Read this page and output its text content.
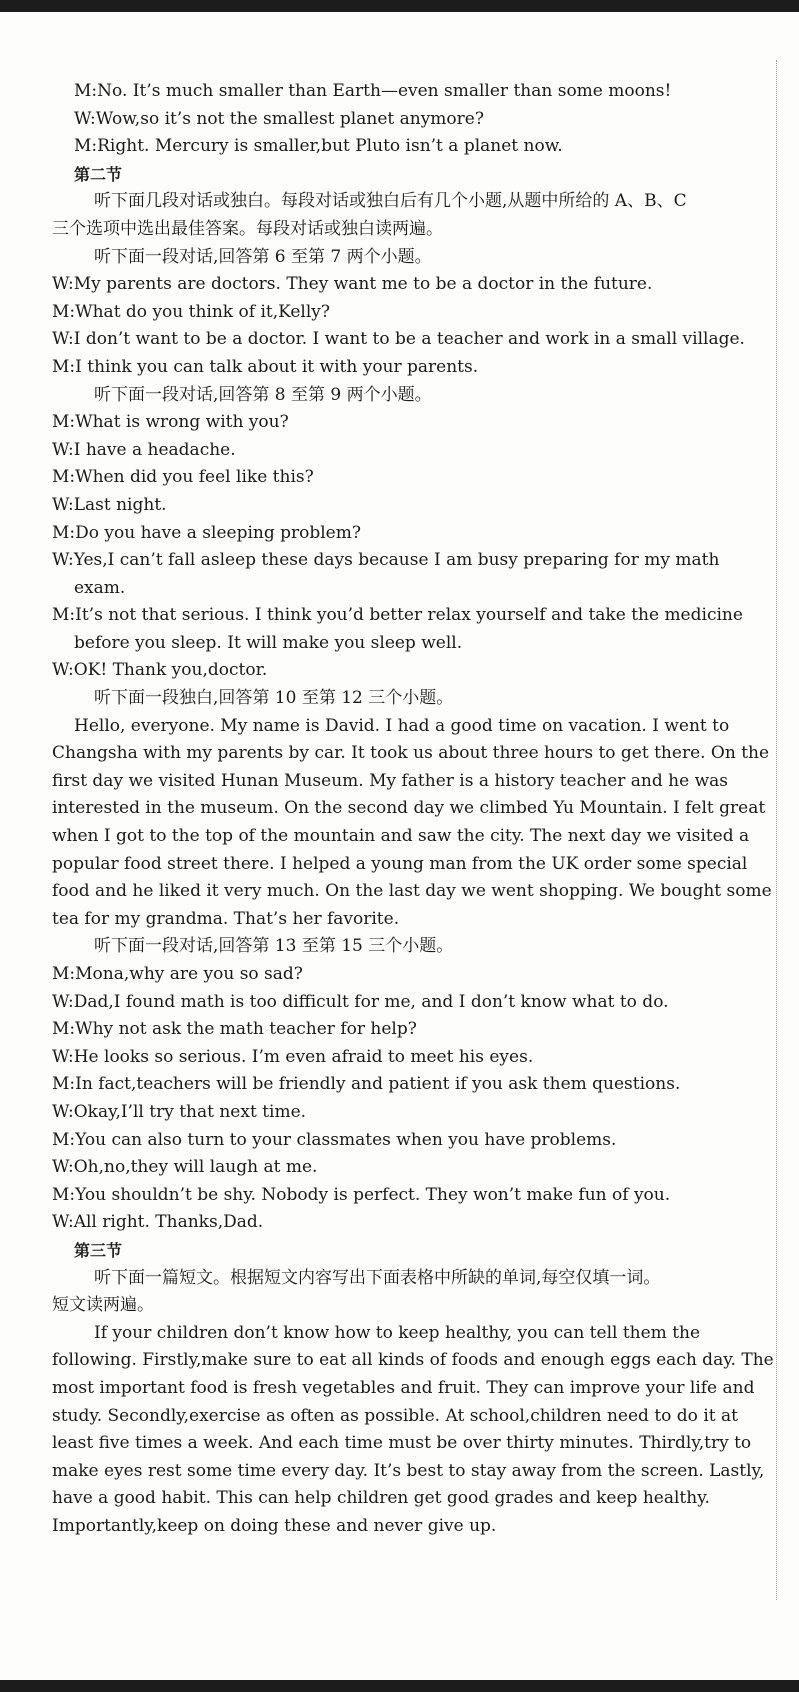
M:No. It’s much smaller than Earth—even smaller than some moons!

W:Wow,so it’s not the smallest planet anymore?

M:Right. Mercury is smaller,but Pluto isn’t a planet now.

第二节

听下面几段对话或独白。每段对话或独白后有几个小题,从题中所给的 A、B、C

三个选项中选出最佳答案。每段对话或独白读两遍。

听下面一段对话,回答第 6 至第 7 两个小题。

W:My parents are doctors. They want me to be a doctor in the future.

M:What do you think of it,Kelly?

W:I don’t want to be a doctor. I want to be a teacher and work in a small village.

M:I think you can talk about it with your parents.

听下面一段对话,回答第 8 至第 9 两个小题。

M:What is wrong with you?

W:I have a headache.

M:When did you feel like this?

W:Last night.

M:Do you have a sleeping problem?

W:Yes,I can’t fall asleep these days because I am busy preparing for my math

exam.

M:It’s not that serious. I think you’d better relax yourself and take the medicine

before you sleep. It will make you sleep well.

W:OK! Thank you,doctor.

听下面一段独白,回答第 10 至第 12 三个小题。

Hello, everyone. My name is David. I had a good time on vacation. I went to

Changsha with my parents by car. It took us about three hours to get there. On the

first day we visited Hunan Museum. My father is a history teacher and he was

interested in the museum. On the second day we climbed Yu Mountain. I felt great

when I got to the top of the mountain and saw the city. The next day we visited a

popular food street there. I helped a young man from the UK order some special

food and he liked it very much. On the last day we went shopping. We bought some

tea for my grandma. That’s her favorite.

听下面一段对话,回答第 13 至第 15 三个小题。

M:Mona,why are you so sad?

W:Dad,I found math is too difficult for me, and I don’t know what to do.

M:Why not ask the math teacher for help?

W:He looks so serious. I’m even afraid to meet his eyes.

M:In fact,teachers will be friendly and patient if you ask them questions.

W:Okay,I’ll try that next time.

M:You can also turn to your classmates when you have problems.

W:Oh,no,they will laugh at me.

M:You shouldn’t be shy. Nobody is perfect. They won’t make fun of you.

W:All right. Thanks,Dad.

第三节

听下面一篇短文。根据短文内容写出下面表格中所缺的单词,每空仅填一词。

短文读两遍。

If your children don’t know how to keep healthy, you can tell them the

following. Firstly,make sure to eat all kinds of foods and enough eggs each day. The

most important food is fresh vegetables and fruit. They can improve your life and

study. Secondly,exercise as often as possible. At school,children need to do it at

least five times a week. And each time must be over thirty minutes. Thirdly,try to

make eyes rest some time every day. It’s best to stay away from the screen. Lastly,

have a good habit. This can help children get good grades and keep healthy.

Importantly,keep on doing these and never give up.
